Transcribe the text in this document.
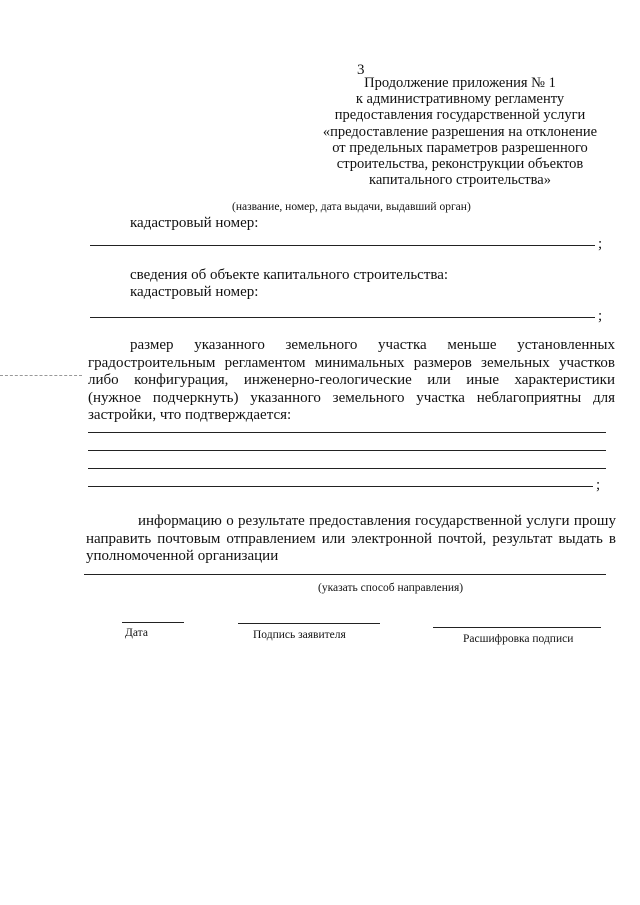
3
Продолжение приложения № 1
к административному регламенту
предоставления государственной услуги
«предоставление разрешения на отклонение
от предельных параметров разрешенного
строительства, реконструкции объектов
капитального строительства»
(название, номер, дата выдачи, выдавший орган)
кадастровый номер:
;
сведения об объекте капитального строительства:
кадастровый номер:
;
размер указанного земельного участка меньше установленных
градостроительным регламентом минимальных размеров земельных участков
либо конфигурация, инженерно-геологические или иные характеристики
(нужное подчеркнуть) указанного земельного участка неблагоприятны для
застройки, что подтверждается:
;
информацию о результате предоставления государственной услуги прошу
направить почтовым отправлением или электронной почтой, результат выдать в
уполномоченной организации
(указать способ направления)
Дата	Подпись заявителя	Расшифровка подписи
